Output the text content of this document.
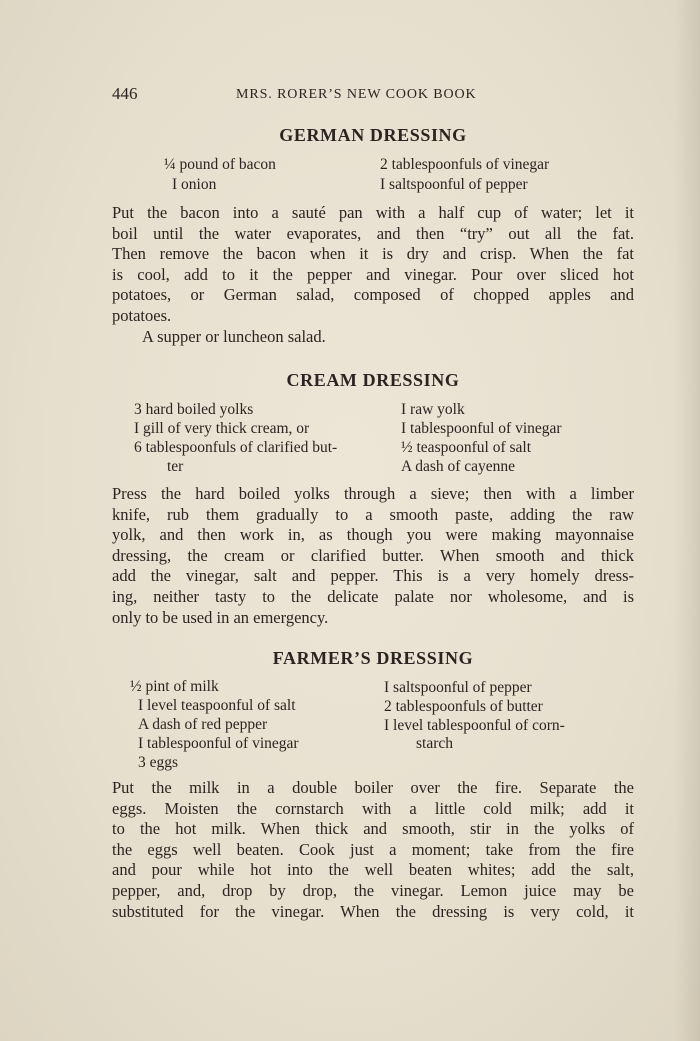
446	MRS. RORER’S NEW COOK BOOK
GERMAN DRESSING
¼ pound of bacon
I onion
2 tablespoonfuls of vinegar
I saltspoonful of pepper
Put the bacon into a sauté pan with a half cup of water; let it
boil until the water evaporates, and then “try” out all the fat.
Then remove the bacon when it is dry and crisp. When the fat
is cool, add to it the pepper and vinegar. Pour over sliced hot
potatoes, or German salad, composed of chopped apples and
potatoes.
A supper or luncheon salad.
CREAM DRESSING
3 hard boiled yolks
I gill of very thick cream, or
6 tablespoonfuls of clarified but-
ter
I raw yolk
I tablespoonful of vinegar
½ teaspoonful of salt
A dash of cayenne
Press the hard boiled yolks through a sieve; then with a limber
knife, rub them gradually to a smooth paste, adding the raw
yolk, and then work in, as though you were making mayonnaise
dressing, the cream or clarified butter. When smooth and thick
add the vinegar, salt and pepper. This is a very homely dress-
ing, neither tasty to the delicate palate nor wholesome, and is
only to be used in an emergency.
FARMER’S DRESSING
½ pint of milk
I level teaspoonful of salt
A dash of red pepper
I tablespoonful of vinegar
3 eggs
I saltspoonful of pepper
2 tablespoonfuls of butter
I level tablespoonful of corn-
starch
Put the milk in a double boiler over the fire. Separate the
eggs. Moisten the cornstarch with a little cold milk; add it
to the hot milk. When thick and smooth, stir in the yolks of
the eggs well beaten. Cook just a moment; take from the fire
and pour while hot into the well beaten whites; add the salt,
pepper, and, drop by drop, the vinegar. Lemon juice may be
substituted for the vinegar. When the dressing is very cold, it
